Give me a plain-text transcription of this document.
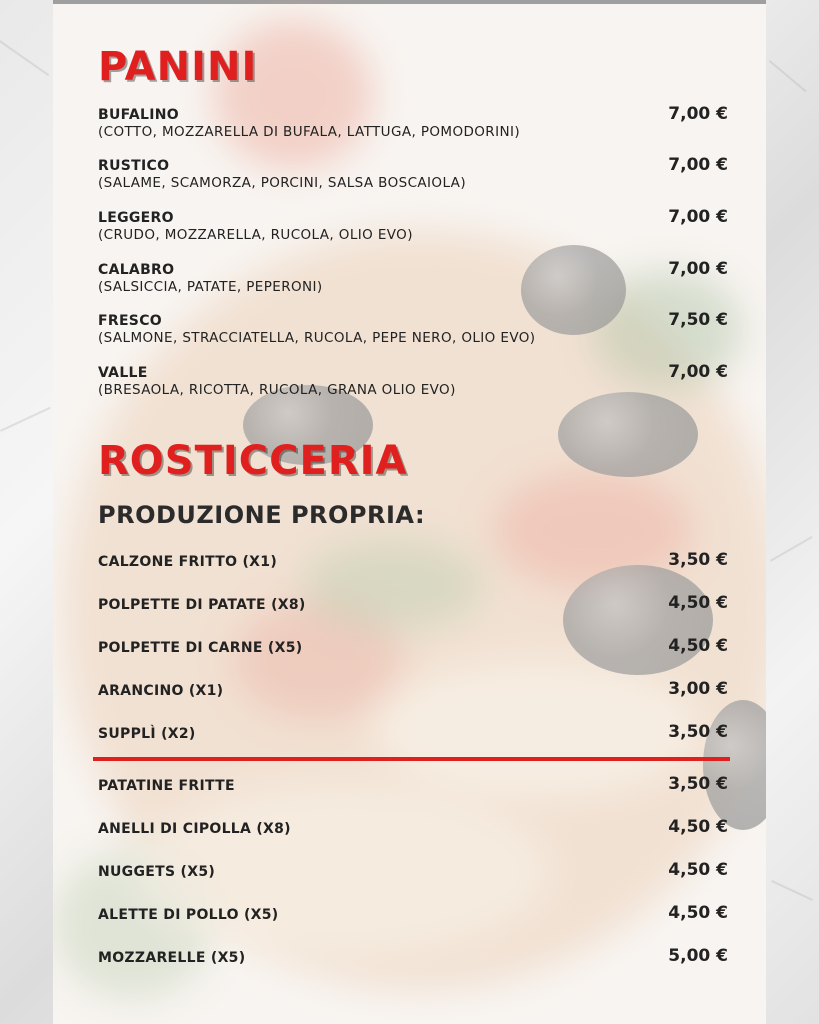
PANINI
BUFALINO
(COTTO, MOZZARELLA DI BUFALA, LATTUGA, POMODORINI)
7,00 €
RUSTICO
(SALAME, SCAMORZA, PORCINI, SALSA BOSCAIOLA)
7,00 €
LEGGERO
(CRUDO, MOZZARELLA, RUCOLA, OLIO EVO)
7,00 €
CALABRO
(SALSICCIA, PATATE, PEPERONI)
7,00 €
FRESCO
(SALMONE, STRACCIATELLA, RUCOLA, PEPE NERO, OLIO EVO)
7,50 €
VALLE
(BRESAOLA, RICOTTA, RUCOLA, GRANA OLIO EVO)
7,00 €
ROSTICCERIA
PRODUZIONE PROPRIA:
CALZONE FRITTO (X1)	3,50 €
POLPETTE DI PATATE (X8)	4,50 €
POLPETTE DI CARNE (X5)	4,50 €
ARANCINO (X1)	3,00 €
SUPPLÌ (X2)	3,50 €
PATATINE FRITTE	3,50 €
ANELLI DI CIPOLLA (X8)	4,50 €
NUGGETS (X5)	4,50 €
ALETTE DI POLLO (X5)	4,50 €
MOZZARELLE (X5)	5,00 €
